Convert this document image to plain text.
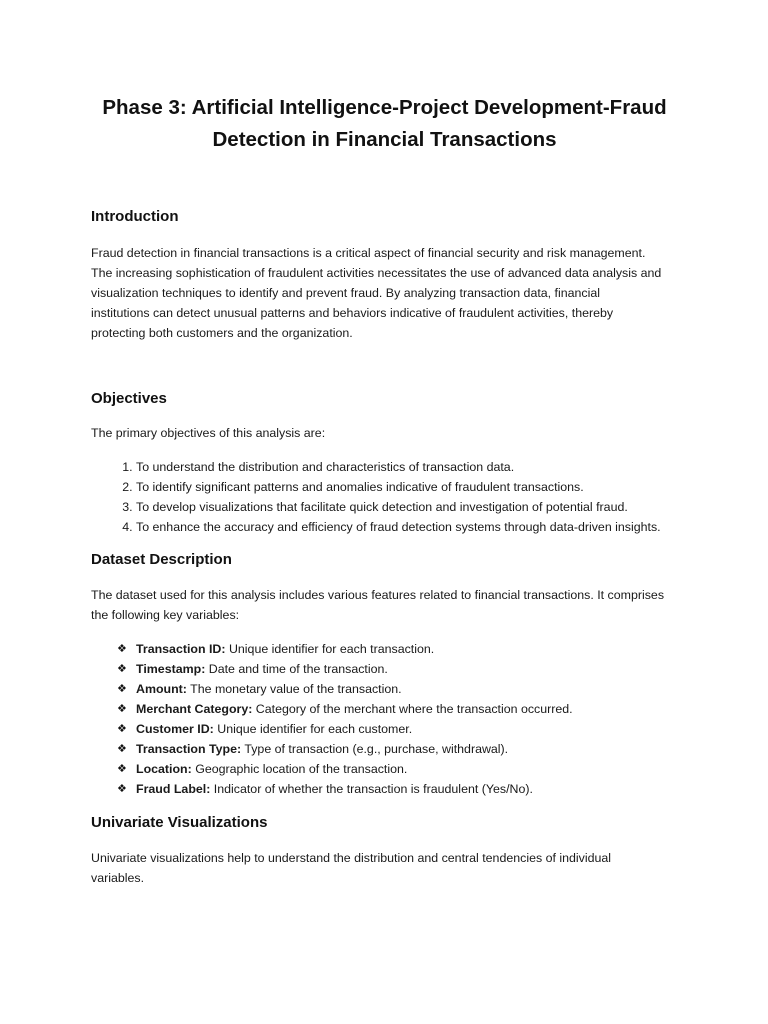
Phase 3: Artificial Intelligence-Project Development-Fraud
Detection in Financial Transactions
Introduction

Fraud detection in financial transactions is a critical aspect of financial security and risk management.
The increasing sophistication of fraudulent activities necessitates the use of advanced data analysis and
visualization techniques to identify and prevent fraud. By analyzing transaction data, financial
institutions can detect unusual patterns and behaviors indicative of fraudulent activities, thereby
protecting both customers and the organization.

Objectives

The primary objectives of this analysis are:

1. To understand the distribution and characteristics of transaction data.
2. To identify significant patterns and anomalies indicative of fraudulent transactions.
3. To develop visualizations that facilitate quick detection and investigation of potential fraud.
4. To enhance the accuracy and efficiency of fraud detection systems through data-driven insights.
Dataset Description

The dataset used for this analysis includes various features related to financial transactions. It comprises
the following key variables:

❖ Transaction ID: Unique identifier for each transaction.
❖ Timestamp: Date and time of the transaction.
❖ Amount: The monetary value of the transaction.
❖ Merchant Category: Category of the merchant where the transaction occurred.
❖ Customer ID: Unique identifier for each customer.
❖ Transaction Type: Type of transaction (e.g., purchase, withdrawal).
❖ Location: Geographic location of the transaction.
❖ Fraud Label: Indicator of whether the transaction is fraudulent (Yes/No).
Univariate Visualizations

Univariate visualizations help to understand the distribution and central tendencies of individual
variables.
